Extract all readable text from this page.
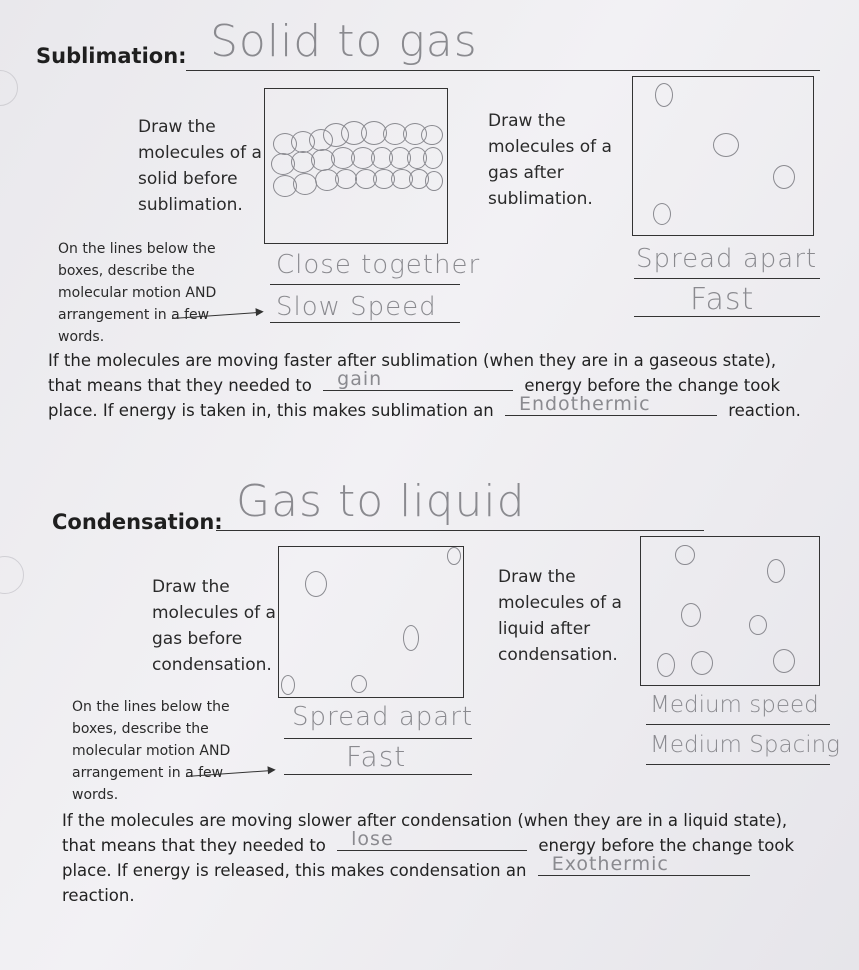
Sublimation: Solid to gas
Draw the
molecules of a
solid before
sublimation.
Draw the
molecules of a
gas after
sublimation.
On the lines below the
boxes, describe the
molecular motion AND
arrangement in a few
words.
Close together
Slow Speed
Spread apart
Fast
If the molecules are moving faster after sublimation (when they are in a gaseous state),
that means that they needed to gain	energy before the change took
place. If energy is taken in, this makes sublimation an Endothermic	reaction.
Condensation: Gas to liquid
Draw the
molecules of a
gas before
condensation.
Draw the
molecules of a
liquid after
condensation.
On the lines below the
boxes, describe the
molecular motion AND
arrangement in a few
words.
Spread apart
Fast
Medium speed
Medium Spacing
If the molecules are moving slower after condensation (when they are in a liquid state),
that means that they needed to lose	energy before the change took
place. If energy is released, this makes condensation an Exothermic
reaction.
